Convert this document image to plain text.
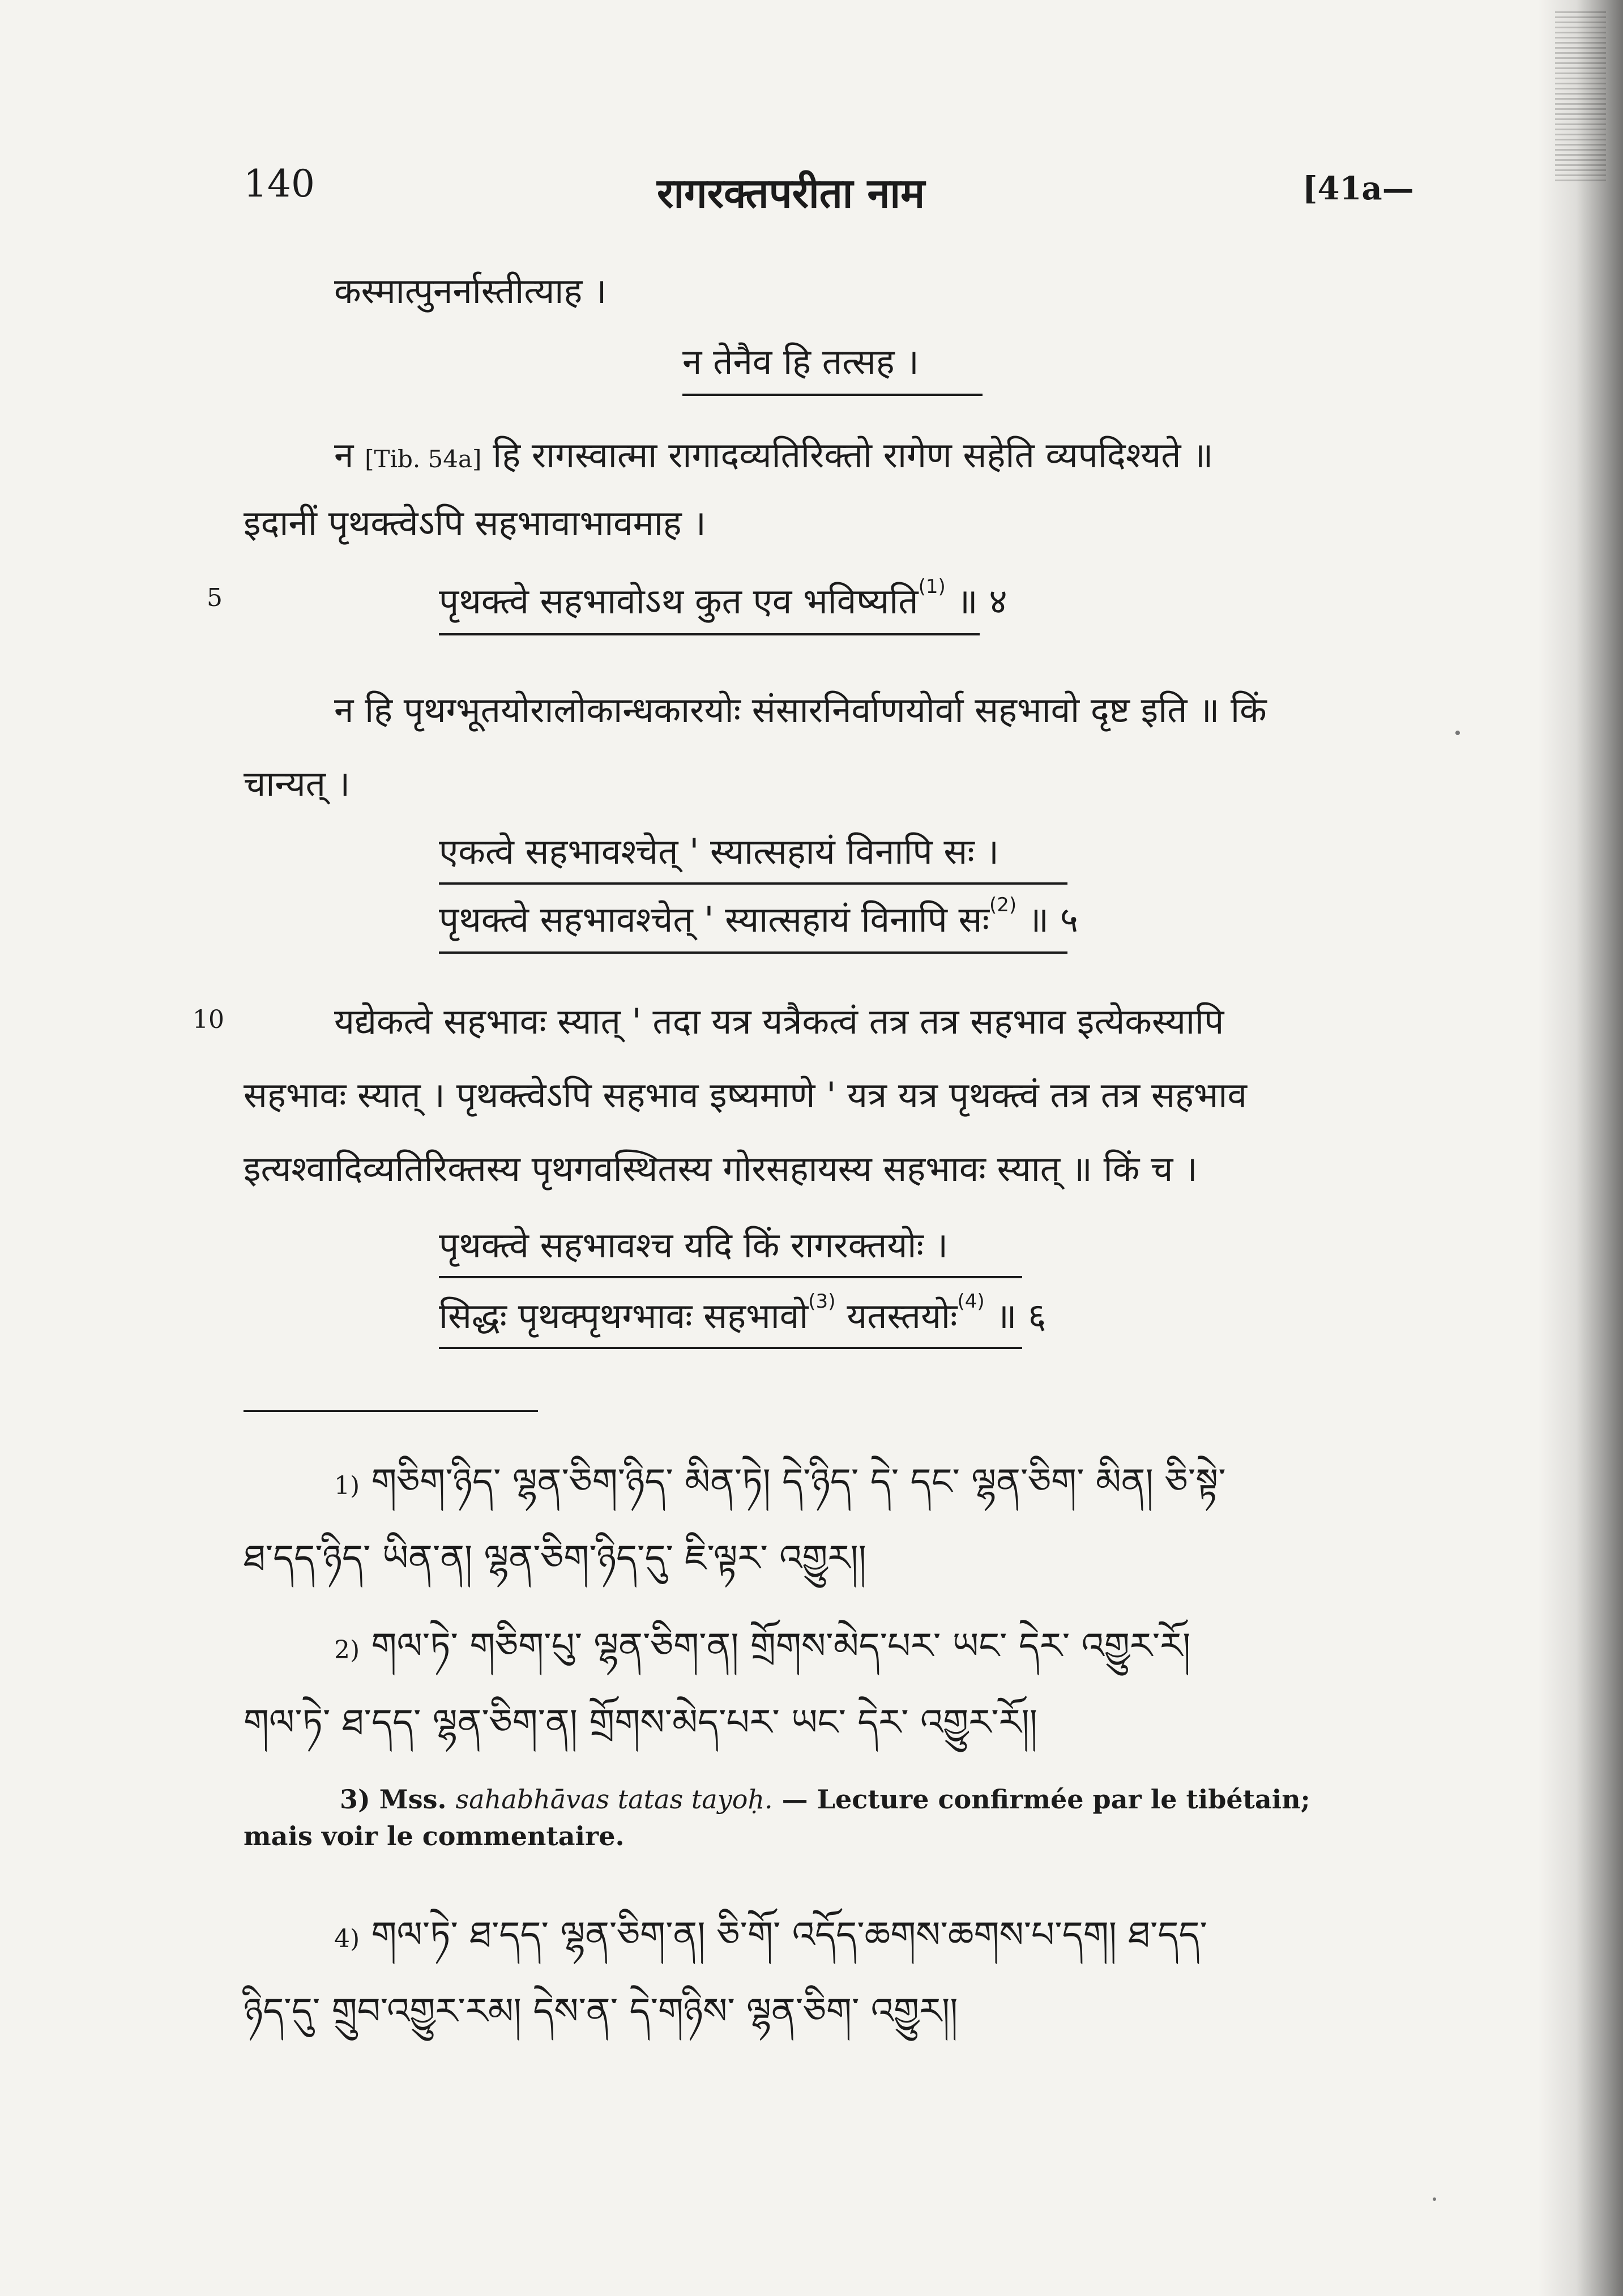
140	रागरक्तपरीता नाम	[41a—
कस्मात्पुनर्नास्तीत्याह ।
न तेनैव हि तत्सह ।
न [Tib. 54a] हि रागस्वात्मा रागादव्यतिरिक्तो रागेण सहेति व्यपदिश्यते ॥
इदानीं पृथक्त्वेऽपि सहभावाभावमाह ।
5	पृथक्त्वे सहभावोऽथ कुत एव भविष्यति$^{(1)}$ ॥ ४
न हि पृथग्भूतयोरालोकान्धकारयोः संसारनिर्वाणयोर्वा सहभावो दृष्ट इति ॥ किं
चान्यत् ।
एकत्वे सहभावश्चेत् ' स्यात्सहायं विनापि सः ।
पृथक्त्वे सहभावश्चेत् ' स्यात्सहायं विनापि सः$^{(2)}$ ॥ ५
10	यद्येकत्वे सहभावः स्यात् ' तदा यत्र यत्रैकत्वं तत्र तत्र सहभाव इत्येकस्यापि
सहभावः स्यात् । पृथक्त्वेऽपि सहभाव इष्यमाणे ' यत्र यत्र पृथक्त्वं तत्र तत्र सहभाव
इत्यश्वादिव्यतिरिक्तस्य पृथगवस्थितस्य गोरसहायस्य सहभावः स्यात् ॥ किं च ।
पृथक्त्वे सहभावश्च यदि किं रागरक्तयोः ।
सिद्धः पृथक्पृथग्भावः सहभावो$^{(3)}$ यतस्तयोः$^{(4)}$ ॥ ६
1) གཅིག་ཉིད་ ལྷན་ཅིག་ཉིད་ མིན་ཏེ། དེ་ཉིད་ དེ་ དང་ ལྷན་ཅིག་ མིན། ཅི་སྟེ་
ཐ་དད་ཉིད་ ཡིན་ན། ལྷན་ཅིག་ཉིད་དུ་ ཇི་ལྟར་ འགྱུར།།
2) གལ་ཏེ་ གཅིག་པུ་ ལྷན་ཅིག་ན། གྲོགས་མེད་པར་ ཡང་ དེར་ འགྱུར་རོ།
གལ་ཏེ་ ཐ་དད་ ལྷན་ཅིག་ན། གྲོགས་མེད་པར་ ཡང་ དེར་ འགྱུར་རོ།།
3) Mss. sahabhāvas tatas tayoḥ. — Lecture confirmée par le tibétain;
mais voir le commentaire.
4) གལ་ཏེ་ ཐ་དད་ ལྷན་ཅིག་ན། ཅི་གོ་ འདོད་ཆགས་ཆགས་པ་དག། ཐ་དད་
ཉིད་དུ་ གྲུབ་འགྱུར་རམ། དེས་ན་ དེ་གཉིས་ ལྷན་ཅིག་ འགྱུར།།
